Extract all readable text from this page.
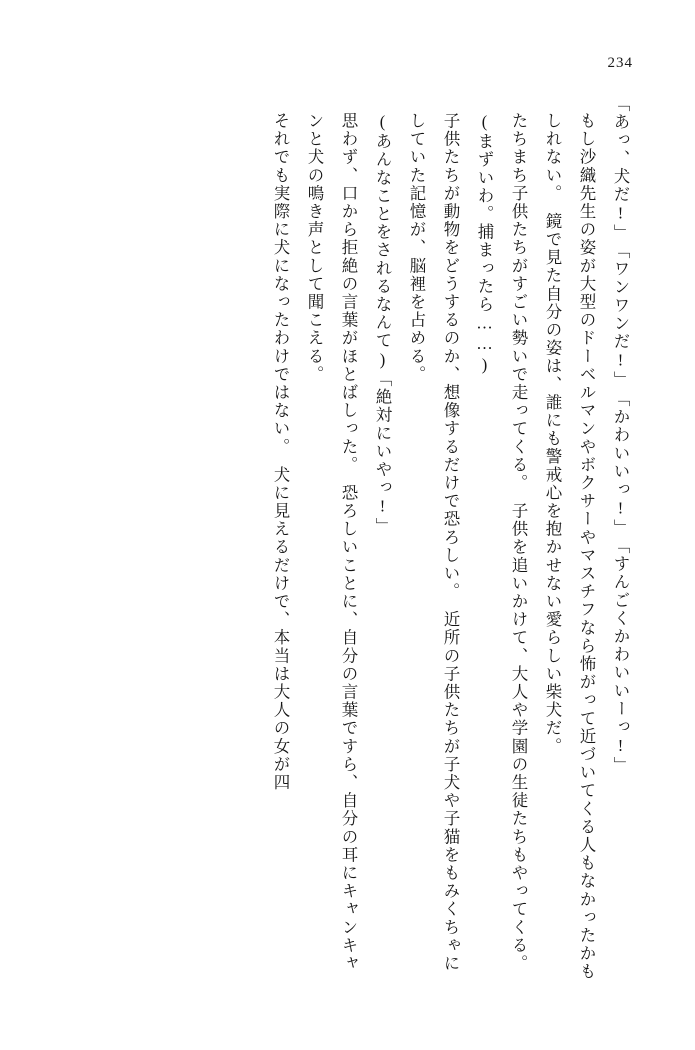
234

「あっ、犬だ!」

「ワンワンだ!」

「かわいいっ!」

「すんごくかわいいーっ!」

もし沙織先生の姿が大型のドーベルマンやボクサーやマスチフなら怖がって近づいてくる人もなかったかもしれない。　鏡で見た自分の姿は、誰にも警戒心を抱かせない愛らしい柴犬だ。

たちまち子供たちがすごい勢いで走ってくる。　子供を追いかけて、大人や学園の生徒たちもやってくる。

(まずいわ。捕まったら……)

子供たちが動物をどうするのか、想像するだけで恐ろしい。　近所の子供たちが子犬や子猫をもみくちゃにしていた記憶が、脳裡を占める。

(あんなことをされるなんて)

「絶対にいやっ!」

思わず、口から拒絶の言葉がほとばしった。　恐ろしいことに、自分の言葉ですら、自分の耳にキャンキャンと犬の鳴き声として聞こえる。

それでも実際に犬になったわけではない。　犬に見えるだけで、本当は大人の女が四
